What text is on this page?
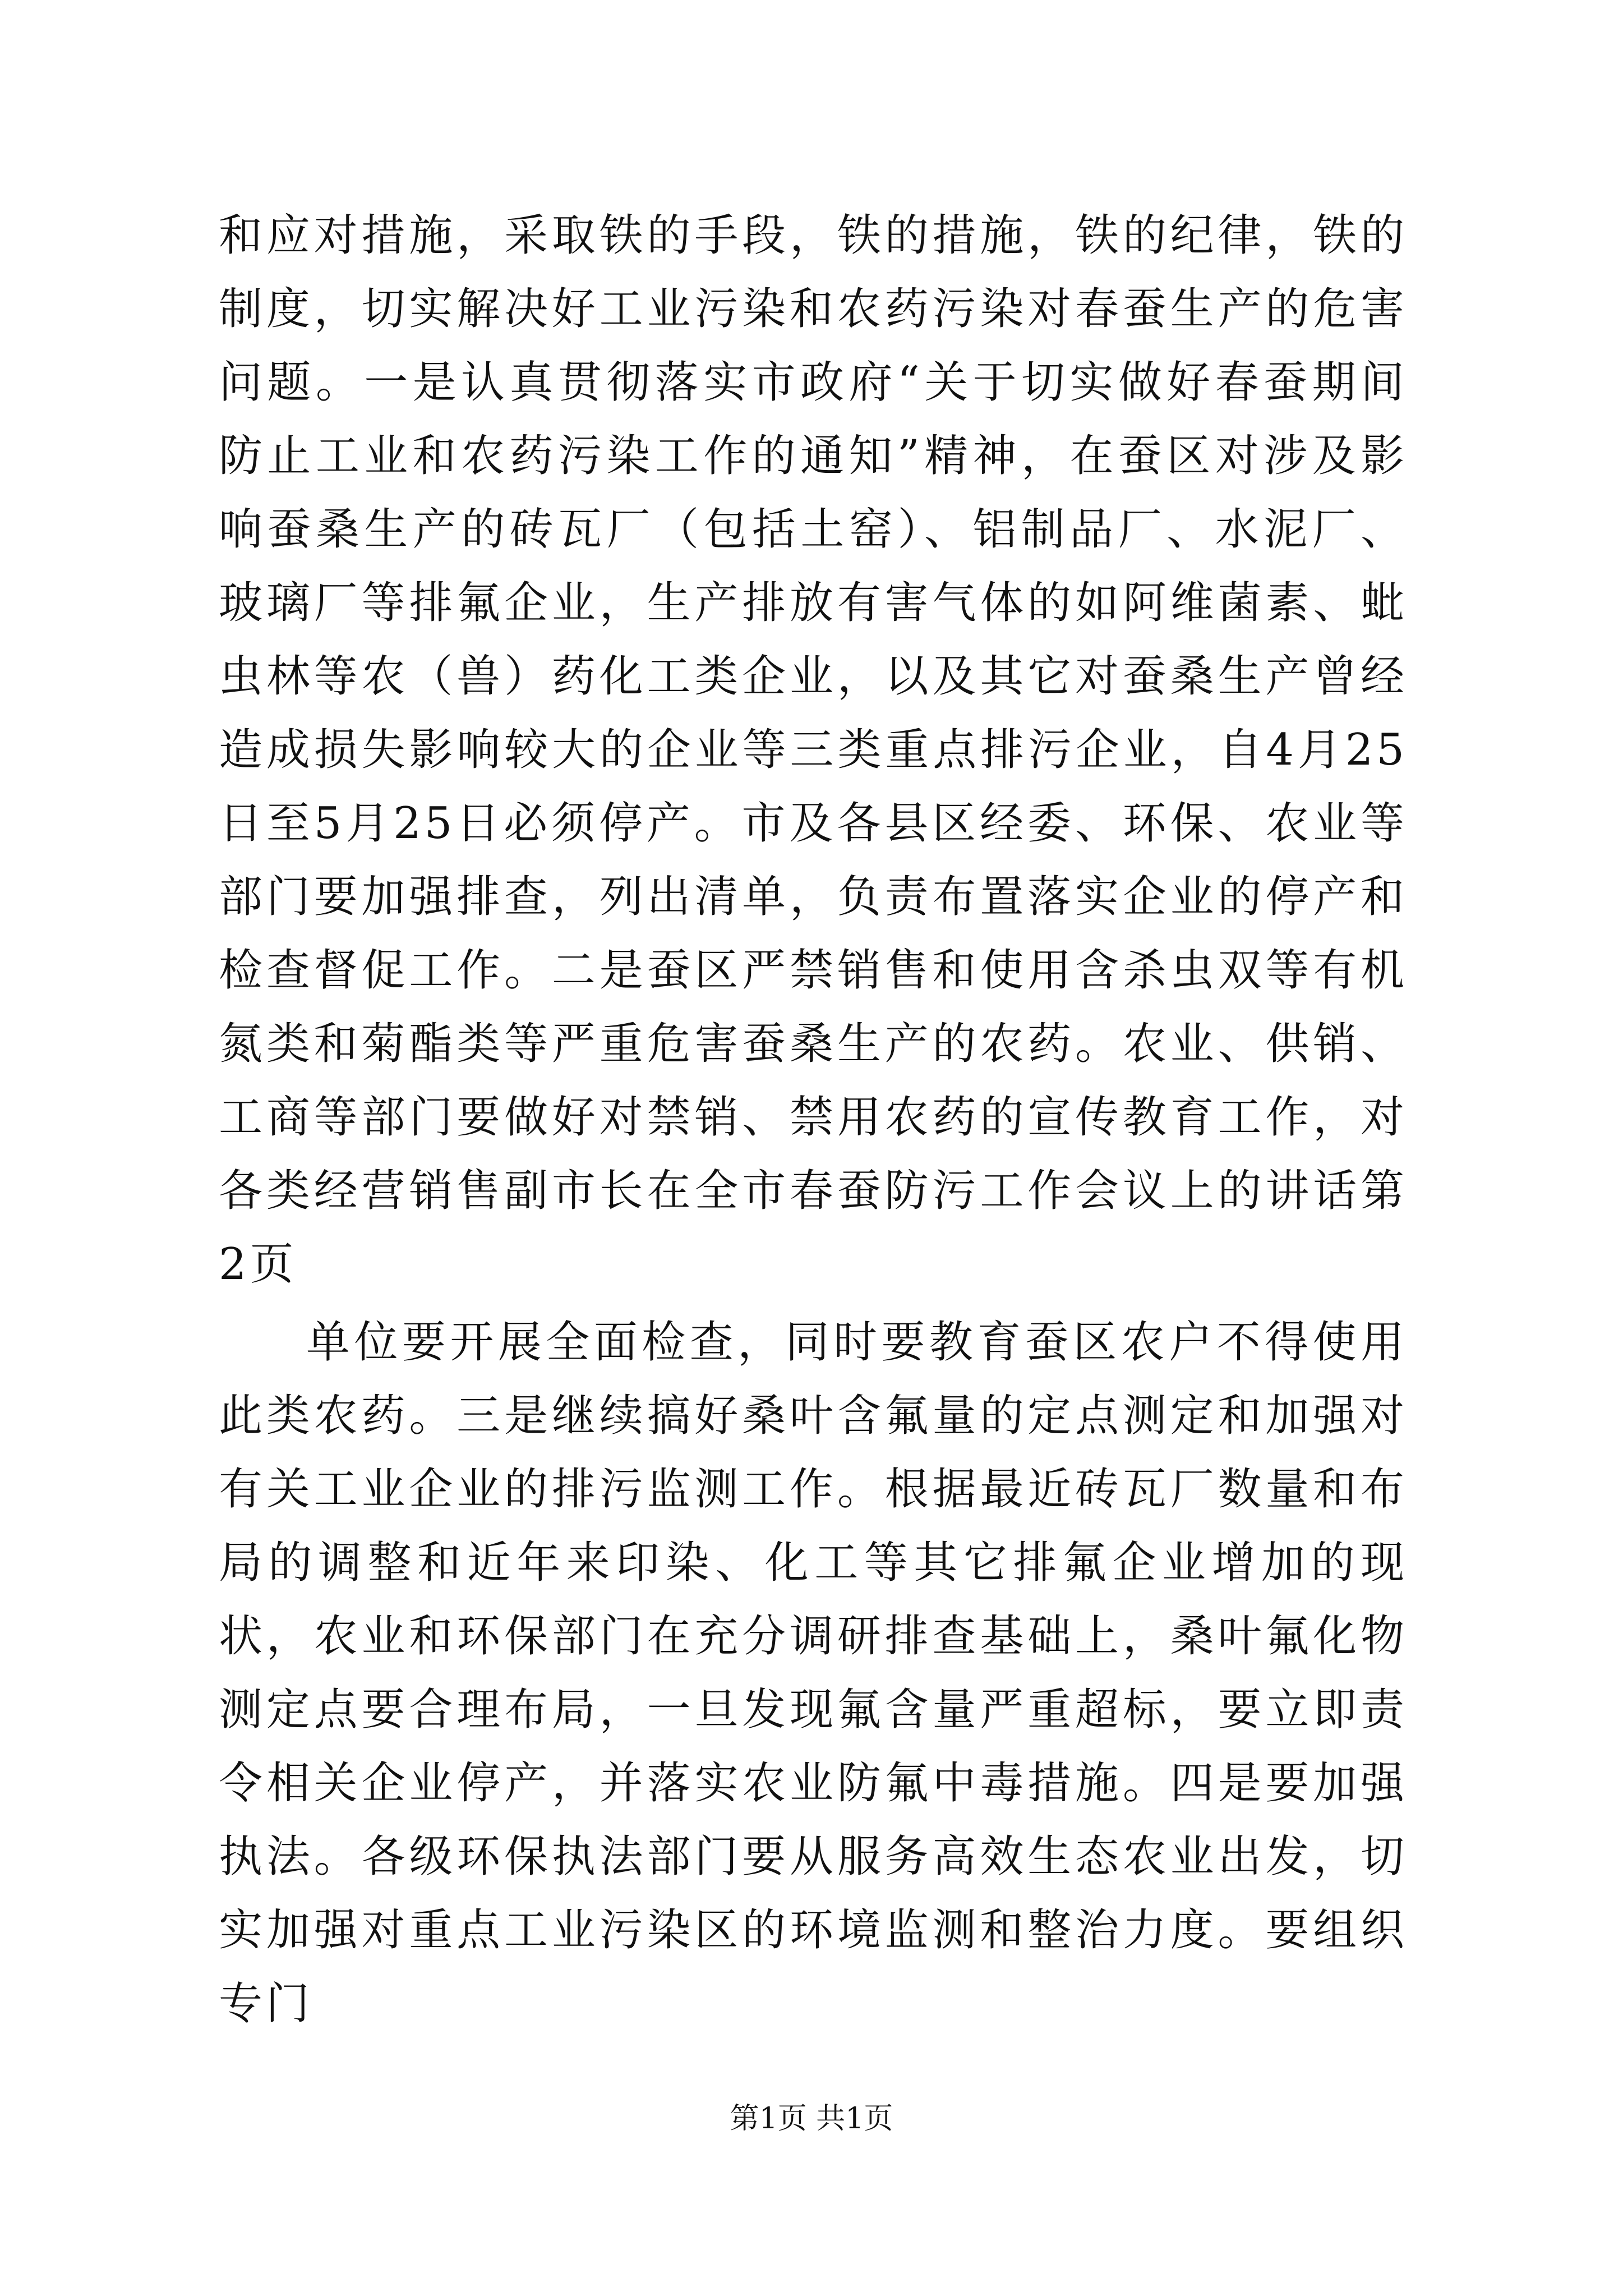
和应对措施，采取铁的手段，铁的措施，铁的纪律，铁的制度，切实解决好工业污染和农药污染对春蚕生产的危害问题。一是认真贯彻落实市政府“关于切实做好春蚕期间防止工业和农药污染工作的通知”精神，在蚕区对涉及影响蚕桑生产的砖瓦厂（包括土窑）、铝制品厂、水泥厂、玻璃厂等排氟企业，生产排放有害气体的如阿维菌素、蚍虫林等农（兽）药化工类企业，以及其它对蚕桑生产曾经造成损失影响较大的企业等三类重点排污企业，自4月25日至5月25日必须停产。市及各县区经委、环保、农业等部门要加强排查，列出清单，负责布置落实企业的停产和检查督促工作。二是蚕区严禁销售和使用含杀虫双等有机氮类和菊酯类等严重危害蚕桑生产的农药。农业、供销、工商等部门要做好对禁销、禁用农药的宣传教育工作，对各类经营销售副市长在全市春蚕防污工作会议上的讲话第2页

单位要开展全面检查，同时要教育蚕区农户不得使用此类农药。三是继续搞好桑叶含氟量的定点测定和加强对有关工业企业的排污监测工作。根据最近砖瓦厂数量和布局的调整和近年来印染、化工等其它排氟企业增加的现状，农业和环保部门在充分调研排查基础上，桑叶氟化物测定点要合理布局，一旦发现氟含量严重超标，要立即责令相关企业停产，并落实农业防氟中毒措施。四是要加强执法。各级环保执法部门要从服务高效生态农业出发，切实加强对重点工业污染区的环境监测和整治力度。要组织专门

第1页 共1页
